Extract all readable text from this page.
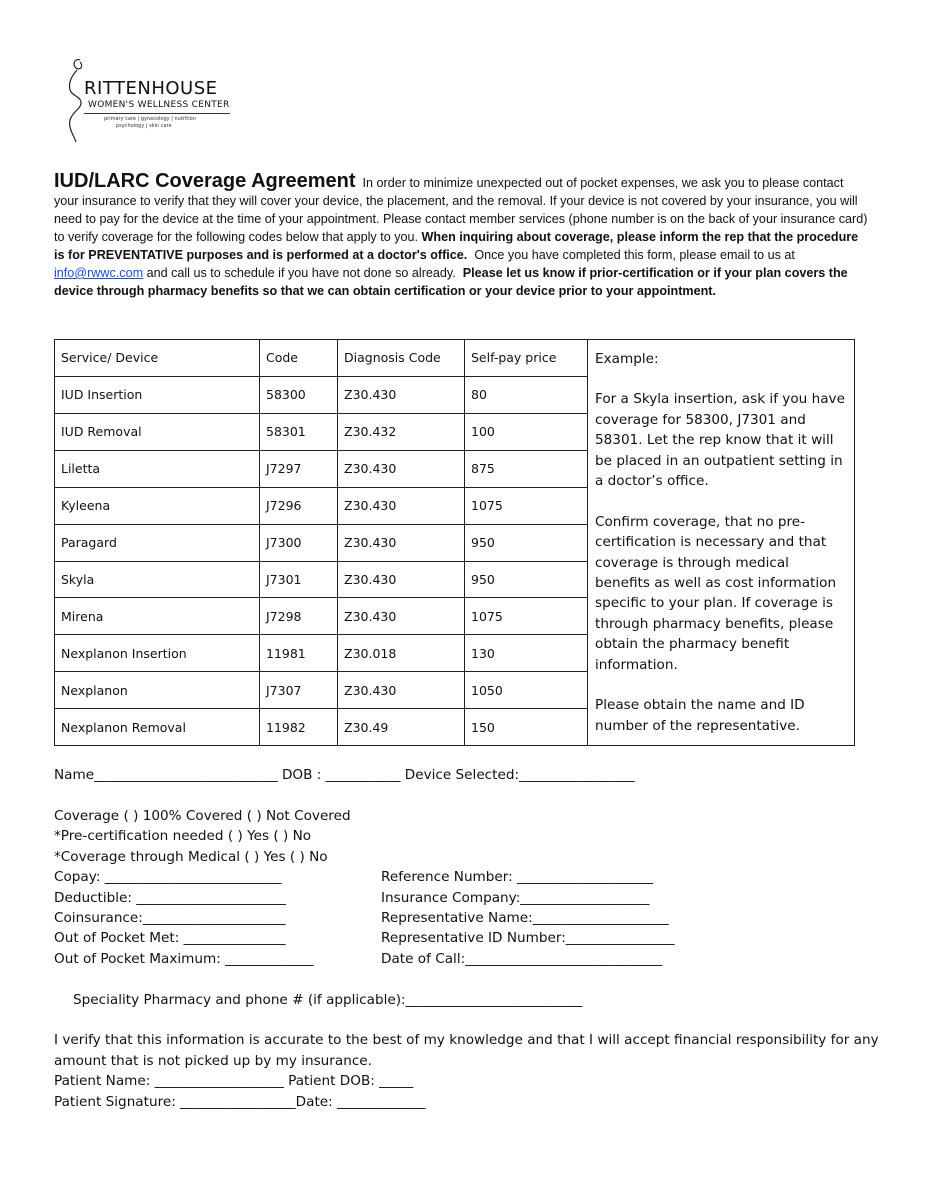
RITTENHOUSE
WOMEN'S WELLNESS CENTER
primary care | gynecology | nutrition
psychology | skin care
IUD/LARC Coverage Agreement In order to minimize unexpected out of pocket expenses, we ask you to please contact your insurance to verify that they will cover your device, the placement, and the removal. If your device is not covered by your insurance, you will need to pay for the device at the time of your appointment. Please contact member services (phone number is on the back of your insurance card) to verify coverage for the following codes below that apply to you. When inquiring about coverage, please inform the rep that the procedure is for PREVENTATIVE purposes and is performed at a doctor's office. Once you have completed this form, please email to us at info@rwwc.com and call us to schedule if you have not done so already. Please let us know if prior-certification or if your plan covers the device through pharmacy benefits so that we can obtain certification or your device prior to your appointment.
Service/ Device	Code	Diagnosis Code	Self-pay price	Example:

For a Skyla insertion, ask if you have coverage for 58300, J7301 and 58301. Let the rep know that it will be placed in an outpatient setting in a doctor’s office.

Confirm coverage, that no pre-certification is necessary and that coverage is through medical benefits as well as cost information specific to your plan. If coverage is through pharmacy benefits, please obtain the pharmacy benefit information.

Please obtain the name and ID number of the representative.

IUD Insertion	58300	Z30.430	80	
IUD Removal	58301	Z30.432	100	
Liletta	J7297	Z30.430	875	
Kyleena	J7296	Z30.430	1075	
Paragard	J7300	Z30.430	950	
Skyla	J7301	Z30.430	950	
Mirena	J7298	Z30.430	1075	
Nexplanon Insertion	11981	Z30.018	130	
Nexplanon	J7307	Z30.430	1050	
Nexplanon Removal	11982	Z30.49	150	
Name___________________________ DOB : ___________ Device Selected:_________________
Coverage ( ) 100% Covered ( ) Not Covered
*Pre-certification needed ( ) Yes ( ) No
*Coverage through Medical ( ) Yes ( ) No
Copay: __________________________
Deductible: ______________________
Coinsurance:_____________________
Out of Pocket Met: _______________
Out of Pocket Maximum: _____________
Reference Number: ____________________
Insurance Company:___________________
Representative Name:____________________
Representative ID Number:________________
Date of Call:_____________________________
Speciality Pharmacy and phone # (if applicable):__________________________
I verify that this information is accurate to the best of my knowledge and that I will accept financial responsibility for any
amount that is not picked up by my insurance.
Patient Name: ___________________ Patient DOB: _____
Patient Signature: _________________Date: _____________
